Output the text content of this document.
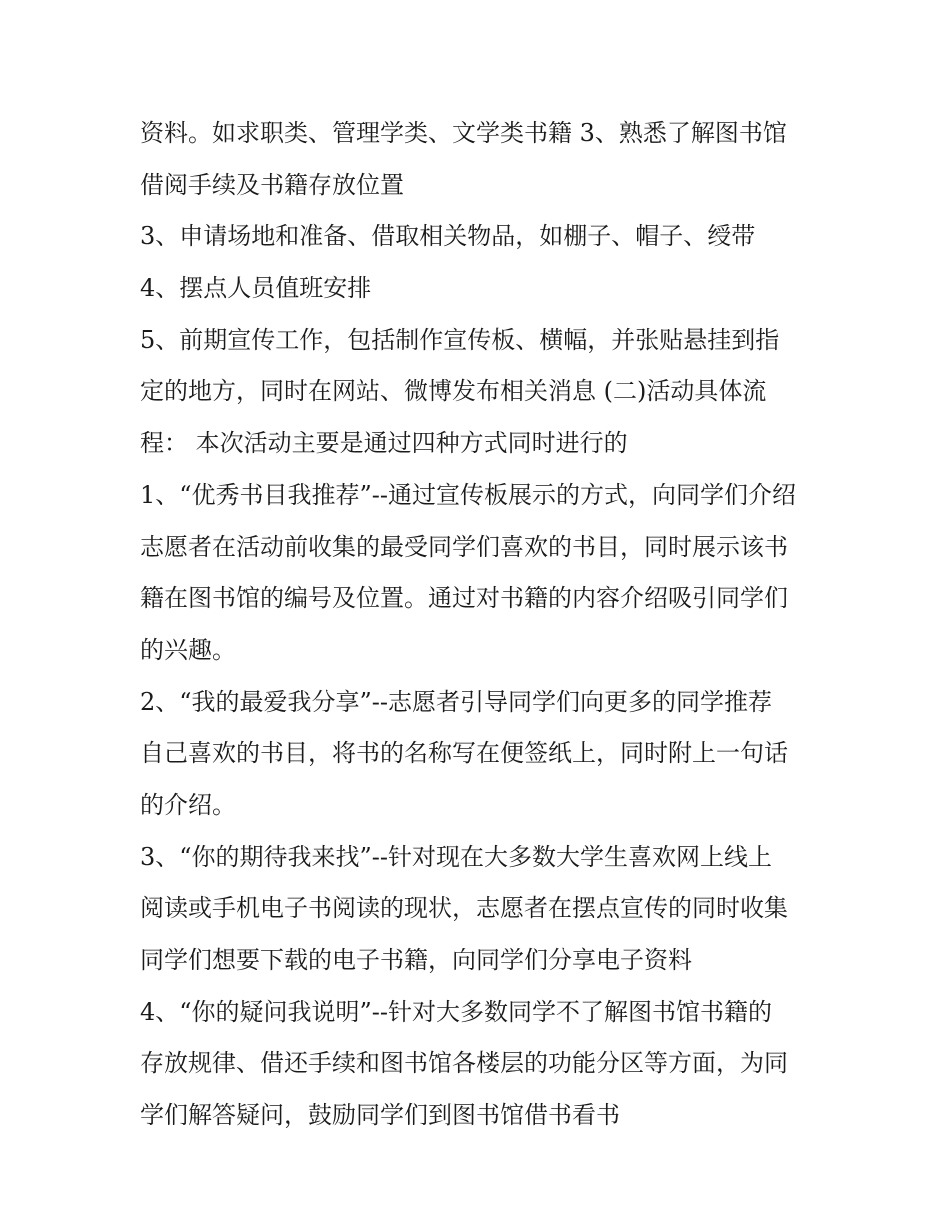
资料。如求职类、管理学类、文学类书籍 3、熟悉了解图书馆
借阅手续及书籍存放位置
3、申请场地和准备、借取相关物品，如棚子、帽子、绶带
4、摆点人员值班安排
5、前期宣传工作，包括制作宣传板、横幅，并张贴悬挂到指
定的地方，同时在网站、微博发布相关消息 (二)活动具体流
程： 本次活动主要是通过四种方式同时进行的
1、“优秀书目我推荐”--通过宣传板展示的方式，向同学们介绍
志愿者在活动前收集的最受同学们喜欢的书目，同时展示该书
籍在图书馆的编号及位置。通过对书籍的内容介绍吸引同学们
的兴趣。
2、“我的最爱我分享”--志愿者引导同学们向更多的同学推荐
自己喜欢的书目，将书的名称写在便签纸上，同时附上一句话
的介绍。
3、“你的期待我来找”--针对现在大多数大学生喜欢网上线上
阅读或手机电子书阅读的现状，志愿者在摆点宣传的同时收集
同学们想要下载的电子书籍，向同学们分享电子资料
4、“你的疑问我说明”--针对大多数同学不了解图书馆书籍的
存放规律、借还手续和图书馆各楼层的功能分区等方面，为同
学们解答疑问，鼓励同学们到图书馆借书看书
